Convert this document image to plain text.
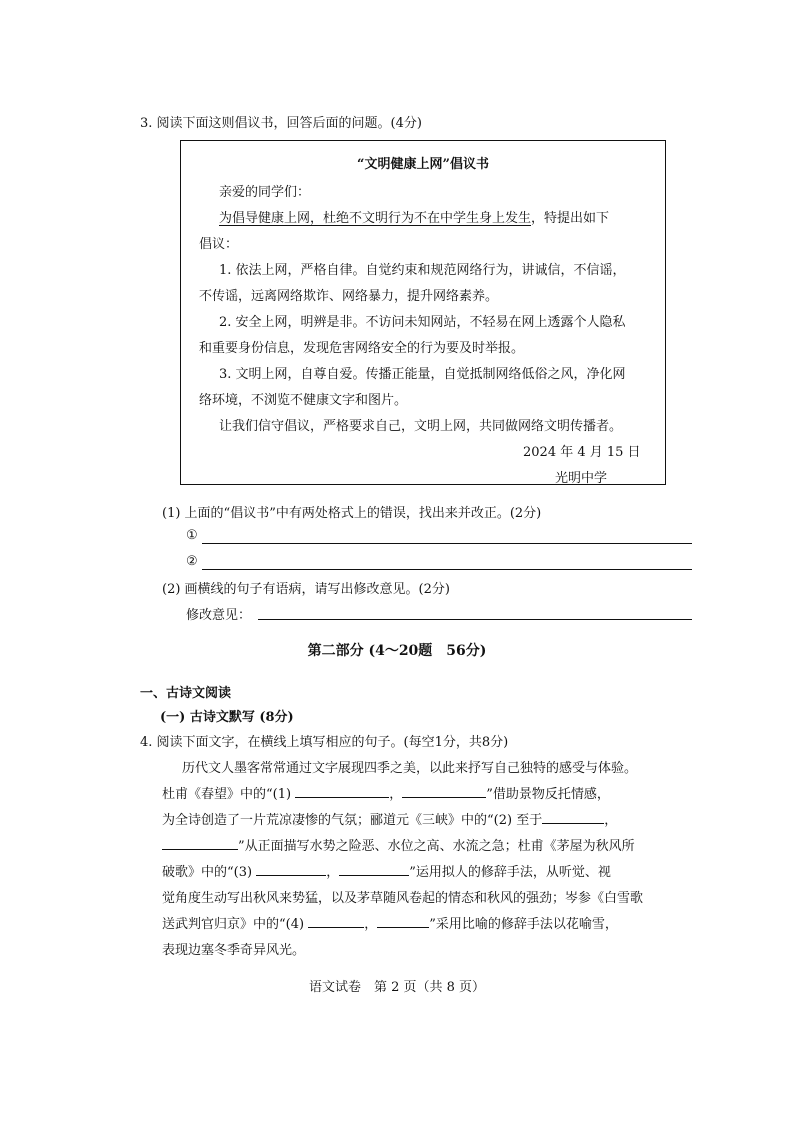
3. 阅读下面这则倡议书，回答后面的问题。(4分)
“文明健康上网”倡议书
亲爱的同学们：
为倡导健康上网，杜绝不文明行为不在中学生身上发生，特提出如下
倡议：
1. 依法上网，严格自律。自觉约束和规范网络行为，讲诚信，不信谣，
不传谣，远离网络欺诈、网络暴力，提升网络素养。
2. 安全上网，明辨是非。不访问未知网站，不轻易在网上透露个人隐私
和重要身份信息，发现危害网络安全的行为要及时举报。
3. 文明上网，自尊自爱。传播正能量，自觉抵制网络低俗之风，净化网
络环境，不浏览不健康文字和图片。
让我们信守倡议，严格要求自己，文明上网，共同做网络文明传播者。
2024 年 4 月 15 日
光明中学
(1) 上面的“倡议书”中有两处格式上的错误，找出来并改正。(2分)
①
②
(2) 画横线的句子有语病，请写出修改意见。(2分)
修改意见：
第二部分 (4～20题　56分)
一、古诗文阅读
(一) 古诗文默写 (8分)
4. 阅读下面文字，在横线上填写相应的句子。(每空1分，共8分)
历代文人墨客常常通过文字展现四季之美，以此来抒写自己独特的感受与体验。
杜甫《春望》中的“(1)	，	”借助景物反托情感，
为全诗创造了一片荒凉凄惨的气氛；郦道元《三峡》中的“(2) 至于	，
”从正面描写水势之险恶、水位之高、水流之急；杜甫《茅屋为秋风所
破歌》中的“(3)	，	”运用拟人的修辞手法，从听觉、视
觉角度生动写出秋风来势猛，以及茅草随风卷起的情态和秋风的强劲；岑参《白雪歌
送武判官归京》中的“(4)	，	”采用比喻的修辞手法以花喻雪，
表现边塞冬季奇异风光。
语文试卷　第 2 页（共 8 页）
